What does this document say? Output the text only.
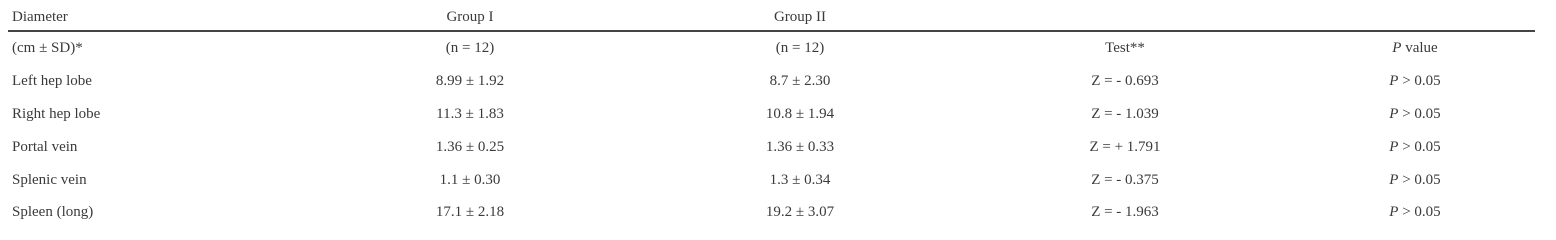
Diameter	Group I	Group II
(cm ± SD)*	(n = 12)	(n = 12)	Test**	P value
Left hep lobe	8.99 ± 1.92	8.7 ± 2.30	Z = - 0.693	P > 0.05
Right hep lobe	11.3 ± 1.83	10.8 ± 1.94	Z = - 1.039	P > 0.05
Portal vein	1.36 ± 0.25	1.36 ± 0.33	Z = + 1.791	P > 0.05
Splenic vein	1.1 ± 0.30	1.3 ± 0.34	Z = - 0.375	P > 0.05
Spleen (long)	17.1 ± 2.18	19.2 ± 3.07	Z = - 1.963	P > 0.05
